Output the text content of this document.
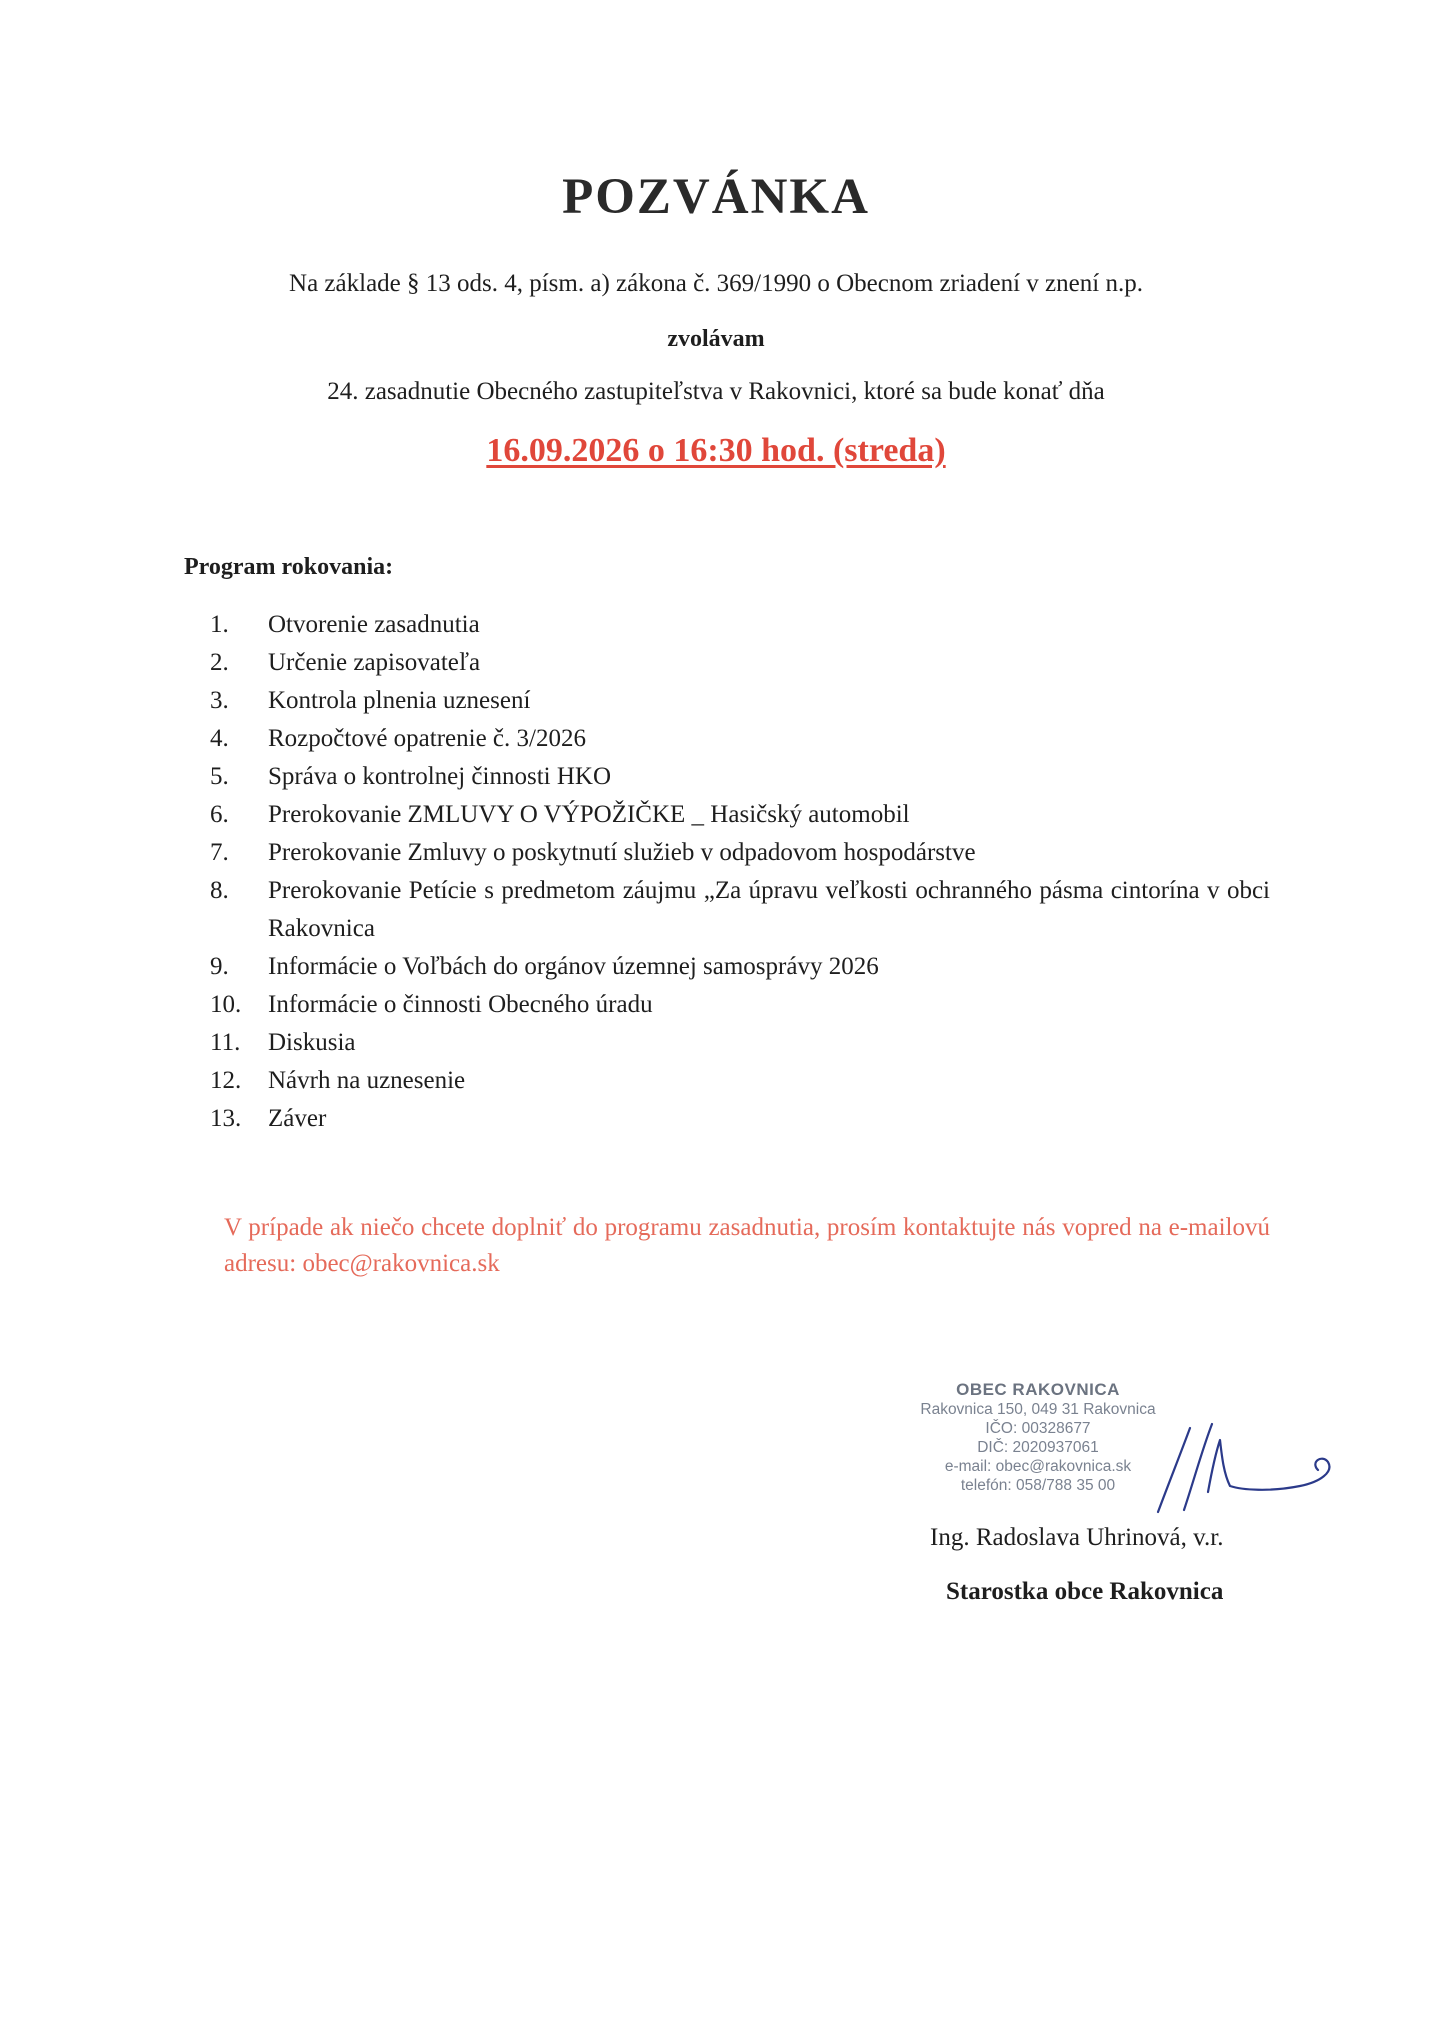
POZVÁNKA
Na základe § 13 ods. 4, písm. a) zákona č. 369/1990 o Obecnom zriadení v znení n.p.
zvolávam
24. zasadnutie Obecného zastupiteľstva v Rakovnici, ktoré sa bude konať dňa
16.09.2026 o 16:30 hod. (streda)
Program rokovania:
1.	Otvorenie zasadnutia
2.	Určenie zapisovateľa
3.	Kontrola plnenia uznesení
4.	Rozpočtové opatrenie č. 3/2026
5.	Správa o kontrolnej činnosti HKO
6.	Prerokovanie ZMLUVY O VÝPOŽIČKE _ Hasičský automobil
7.	Prerokovanie Zmluvy o poskytnutí služieb v odpadovom hospodárstve
8.	Prerokovanie Petície s predmetom záujmu „Za úpravu veľkosti ochranného pásma cintorína v obci Rakovnica
9.	Informácie o Voľbách do orgánov územnej samosprávy 2026
10.	Informácie o činnosti Obecného úradu
11.	Diskusia
12.	Návrh na uznesenie
13.	Záver
V prípade ak niečo chcete doplniť do programu zasadnutia, prosím kontaktujte nás vopred na e-mailovú adresu: obec@rakovnica.sk
OBEC RAKOVNICA
Rakovnica 150, 049 31 Rakovnica
IČO: 00328677
DIČ: 2020937061
e-mail: obec@rakovnica.sk
telefón: 058/788 35 00
Ing. Radoslava Uhrinová, v.r.
Starostka obce Rakovnica
